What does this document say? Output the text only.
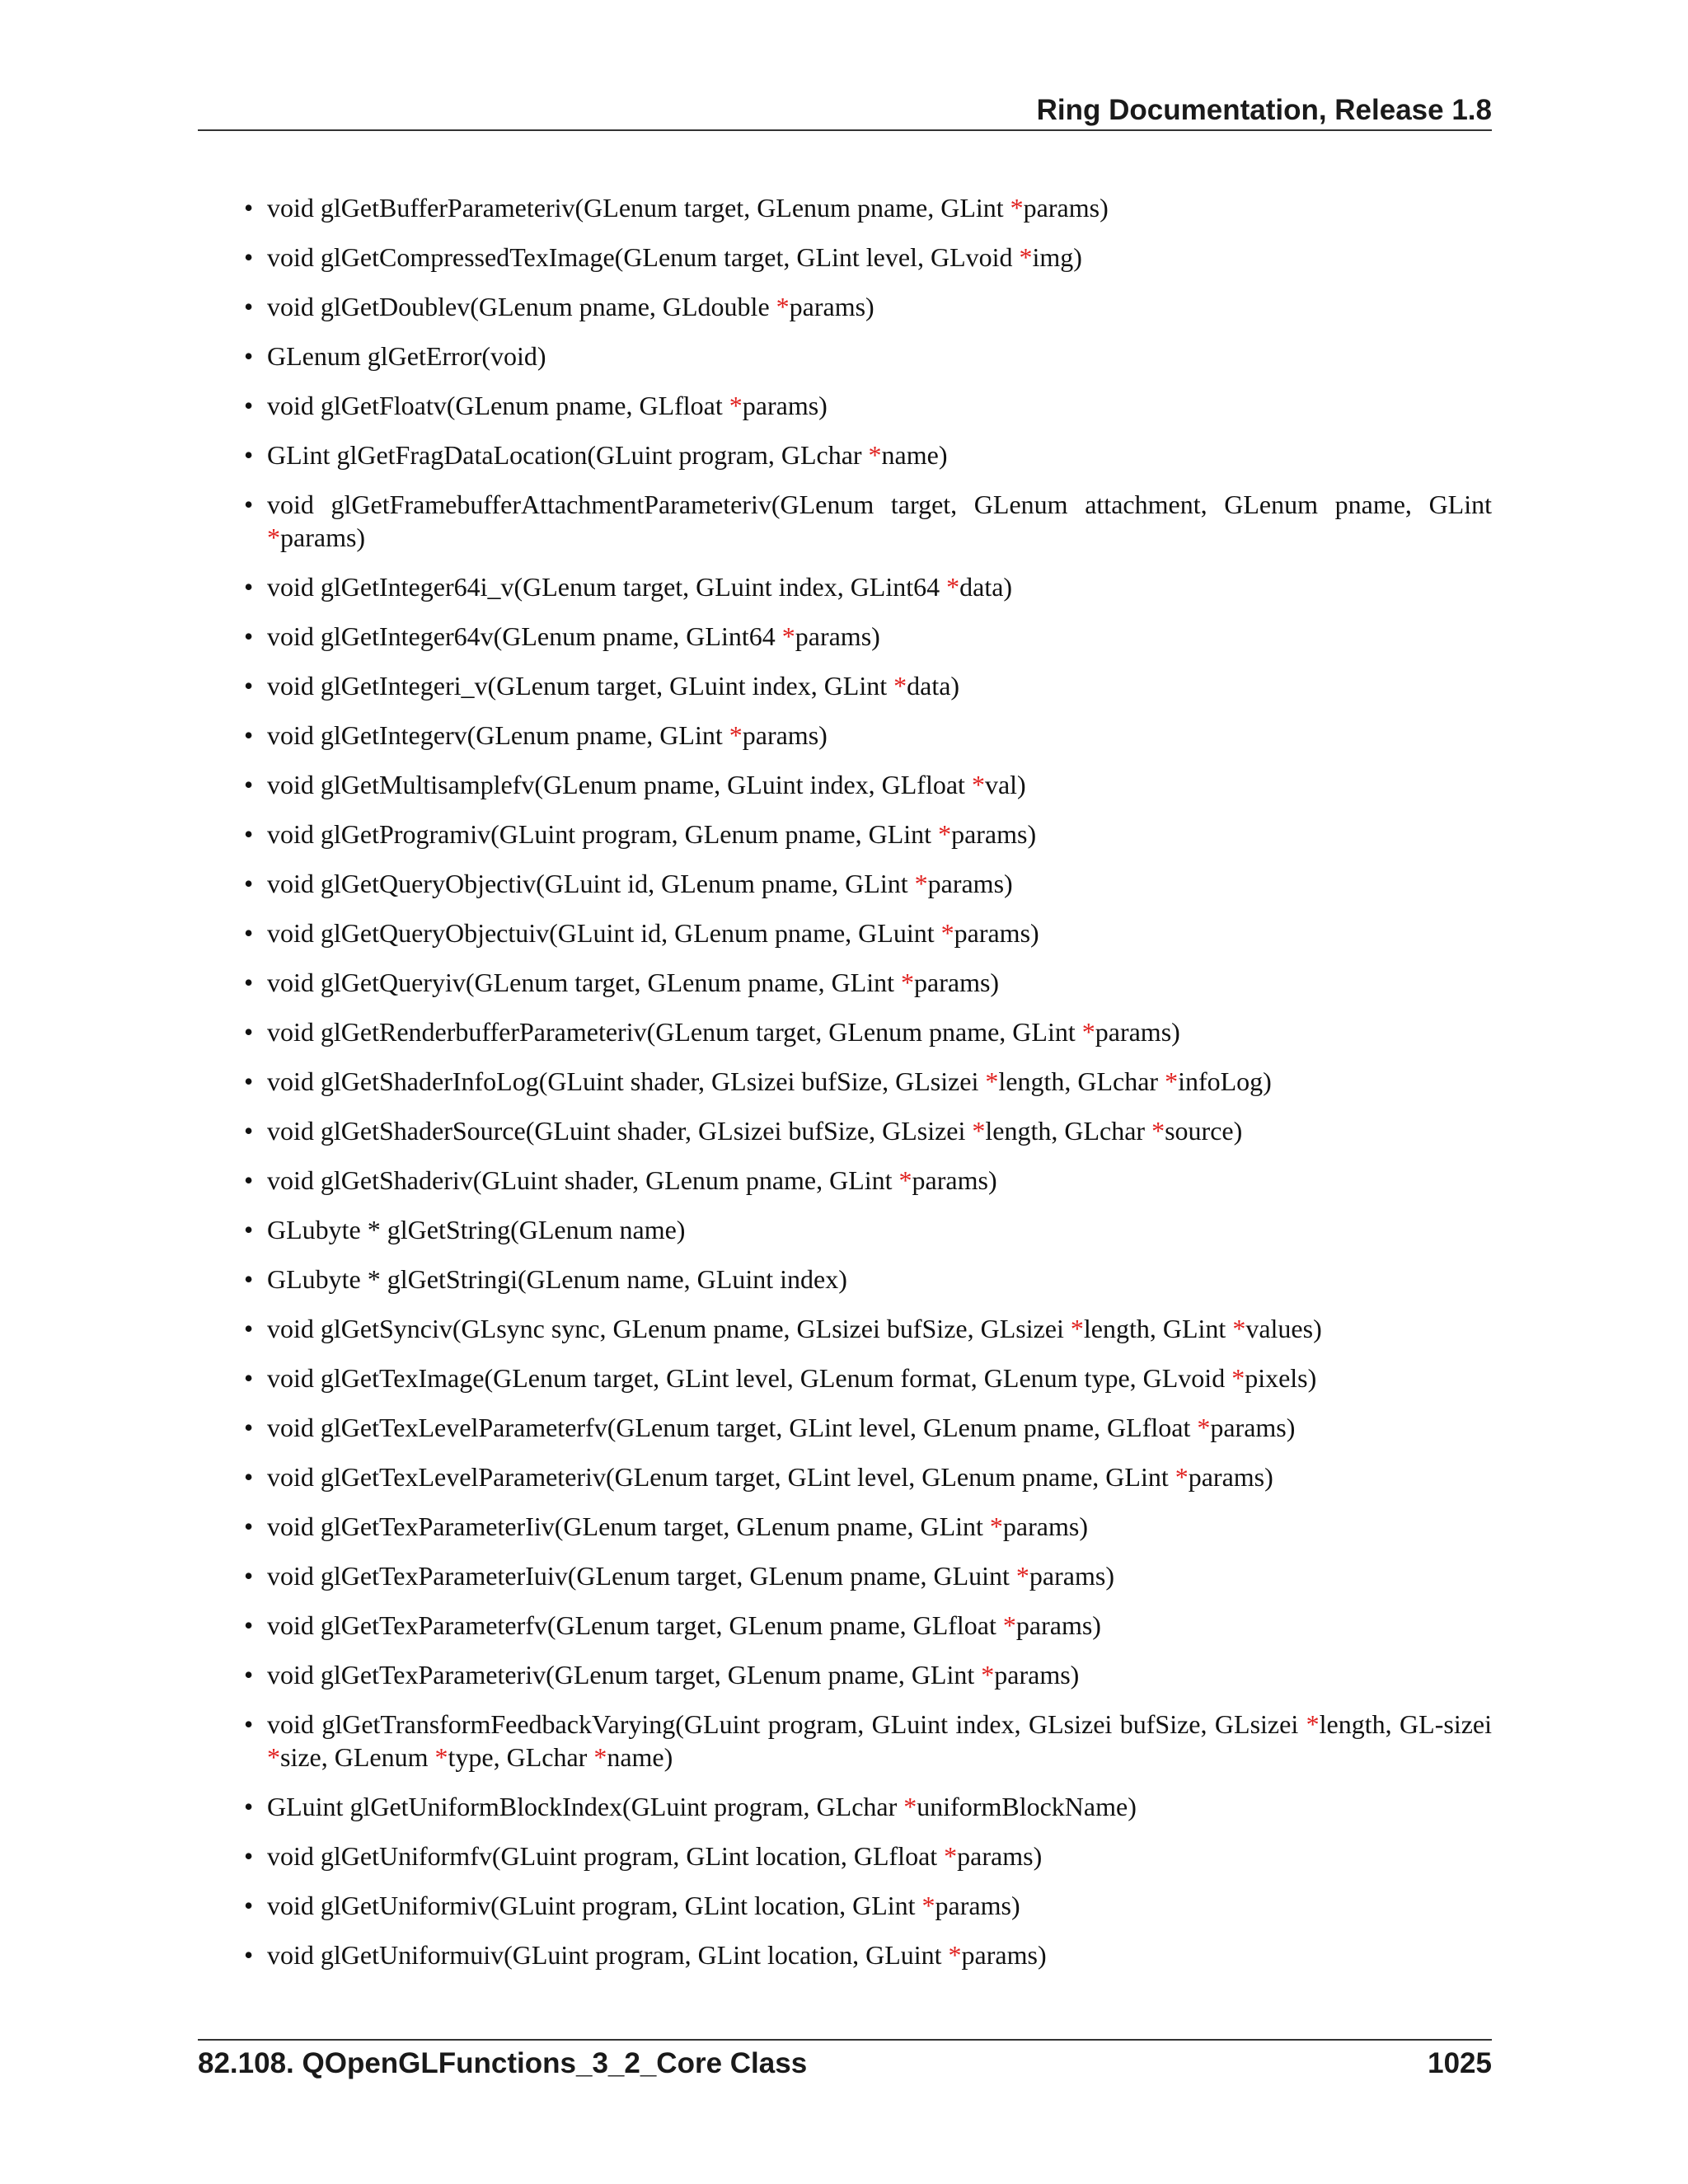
Ring Documentation, Release 1.8
• void glGetBufferParameteriv(GLenum target, GLenum pname, GLint *params)
• void glGetCompressedTexImage(GLenum target, GLint level, GLvoid *img)
• void glGetDoublev(GLenum pname, GLdouble *params)
• GLenum glGetError(void)
• void glGetFloatv(GLenum pname, GLfloat *params)
• GLint glGetFragDataLocation(GLuint program, GLchar *name)
• void glGetFramebufferAttachmentParameteriv(GLenum target, GLenum attachment, GLenum pname, GLint *params)
• void glGetInteger64i_v(GLenum target, GLuint index, GLint64 *data)
• void glGetInteger64v(GLenum pname, GLint64 *params)
• void glGetIntegeri_v(GLenum target, GLuint index, GLint *data)
• void glGetIntegerv(GLenum pname, GLint *params)
• void glGetMultisamplefv(GLenum pname, GLuint index, GLfloat *val)
• void glGetProgramiv(GLuint program, GLenum pname, GLint *params)
• void glGetQueryObjectiv(GLuint id, GLenum pname, GLint *params)
• void glGetQueryObjectuiv(GLuint id, GLenum pname, GLuint *params)
• void glGetQueryiv(GLenum target, GLenum pname, GLint *params)
• void glGetRenderbufferParameteriv(GLenum target, GLenum pname, GLint *params)
• void glGetShaderInfoLog(GLuint shader, GLsizei bufSize, GLsizei *length, GLchar *infoLog)
• void glGetShaderSource(GLuint shader, GLsizei bufSize, GLsizei *length, GLchar *source)
• void glGetShaderiv(GLuint shader, GLenum pname, GLint *params)
• GLubyte * glGetString(GLenum name)
• GLubyte * glGetStringi(GLenum name, GLuint index)
• void glGetSynciv(GLsync sync, GLenum pname, GLsizei bufSize, GLsizei *length, GLint *values)
• void glGetTexImage(GLenum target, GLint level, GLenum format, GLenum type, GLvoid *pixels)
• void glGetTexLevelParameterfv(GLenum target, GLint level, GLenum pname, GLfloat *params)
• void glGetTexLevelParameteriv(GLenum target, GLint level, GLenum pname, GLint *params)
• void glGetTexParameterIiv(GLenum target, GLenum pname, GLint *params)
• void glGetTexParameterIuiv(GLenum target, GLenum pname, GLuint *params)
• void glGetTexParameterfv(GLenum target, GLenum pname, GLfloat *params)
• void glGetTexParameteriv(GLenum target, GLenum pname, GLint *params)
• void glGetTransformFeedbackVarying(GLuint program, GLuint index, GLsizei bufSize, GLsizei *length, GL-sizei *size, GLenum *type, GLchar *name)
• GLuint glGetUniformBlockIndex(GLuint program, GLchar *uniformBlockName)
• void glGetUniformfv(GLuint program, GLint location, GLfloat *params)
• void glGetUniformiv(GLuint program, GLint location, GLint *params)
• void glGetUniformuiv(GLuint program, GLint location, GLuint *params)
82.108. QOpenGLFunctions_3_2_Core Class	1025
